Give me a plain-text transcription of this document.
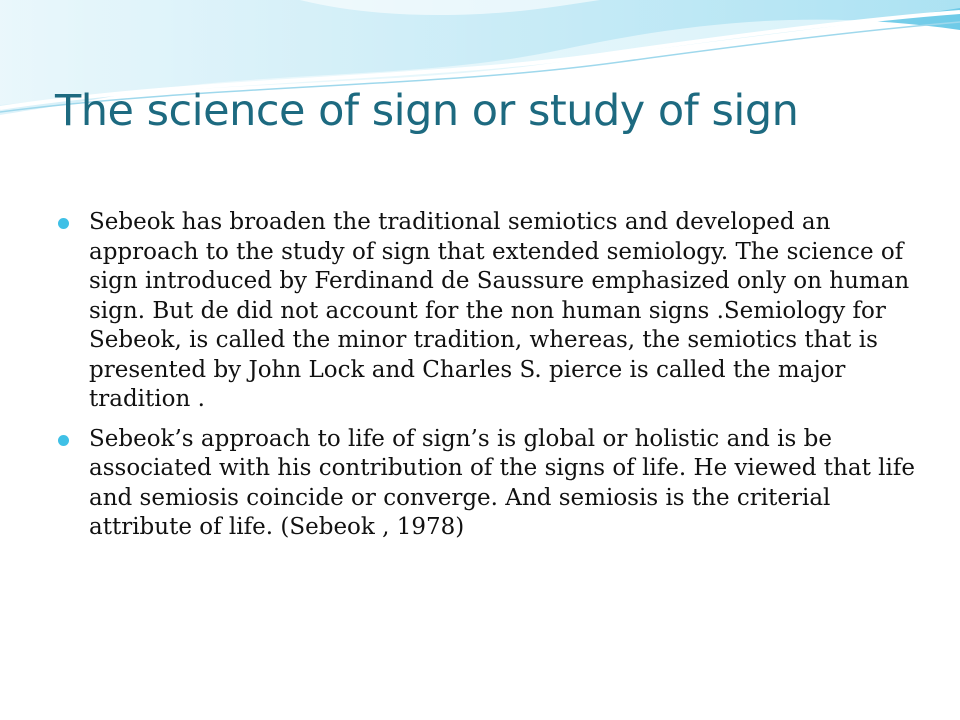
The science of sign or study of sign
Sebeok has broaden the traditional semiotics and developed an approach to the study of sign that extended semiology. The science of sign introduced by Ferdinand de Saussure emphasized only on human sign. But de did not account for the non human signs .Semiology for Sebeok, is called the minor tradition, whereas, the semiotics that is presented by John Lock and Charles S. pierce is called the major tradition .
Sebeok’s approach to life of sign’s is global or holistic and is be associated with his contribution of the signs of life. He viewed that life and semiosis coincide or converge. And semiosis is the criterial attribute of life. (Sebeok , 1978)
